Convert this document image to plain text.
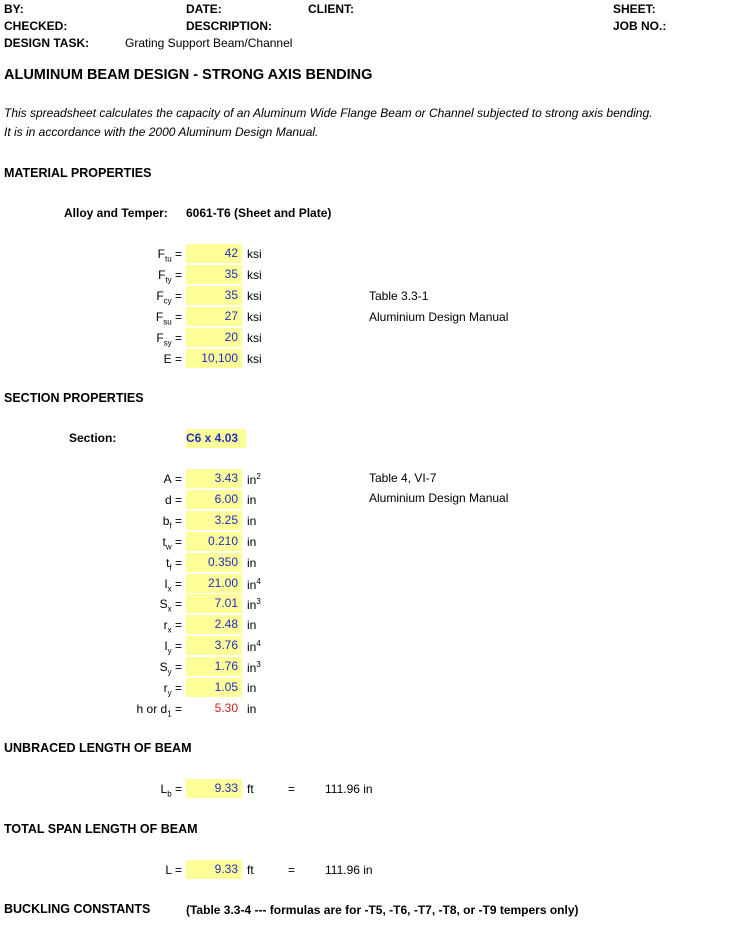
BY:	DATE:	CLIENT:	SHEET:
CHECKED:	DESCRIPTION:	JOB NO.:
DESIGN TASK:	Grating Support Beam/Channel
ALUMINUM BEAM DESIGN - STRONG AXIS BENDING
This spreadsheet calculates the capacity of an Aluminum Wide Flange Beam or Channel subjected to strong axis bending.
It is in accordance with the 2000 Aluminum Design Manual.
MATERIAL PROPERTIES
Alloy and Temper: 6061-T6 (Sheet and Plate)
$F_{tu}$ =	42 ksi
$F_{ty}$ =	35 ksi
$F_{cy}$ =	35 ksi
$F_{su}$ =	27 ksi
$F_{sy}$ =	20 ksi
E =	10,100 ksi
Table 3.3-1
Aluminium Design Manual
SECTION PROPERTIES
Section:	C6 x 4.03
A =	3.43 $in^2$
d =	6.00 in
$b_f$ =	3.25 in
$t_w$ =	0.210 in
$t_f$ =	0.350 in
$I_x$ =	21.00 $in^4$
$S_x$ =	7.01 $in^3$
$r_x$ =	2.48 in
$I_y$ =	3.76 $in^4$
$S_y$ =	1.76 $in^3$
$r_y$ =	1.05 in
h or $d_1$ =	5.30 in
Table 4, VI-7
Aluminium Design Manual
UNBRACED LENGTH OF BEAM
$L_b$ =	9.33 ft	= 111.96 in
TOTAL SPAN LENGTH OF BEAM
L =	9.33 ft	= 111.96 in
BUCKLING CONSTANTS	(Table 3.3-4 --- formulas are for -T5, -T6, -T7, -T8, or -T9 tempers only)
